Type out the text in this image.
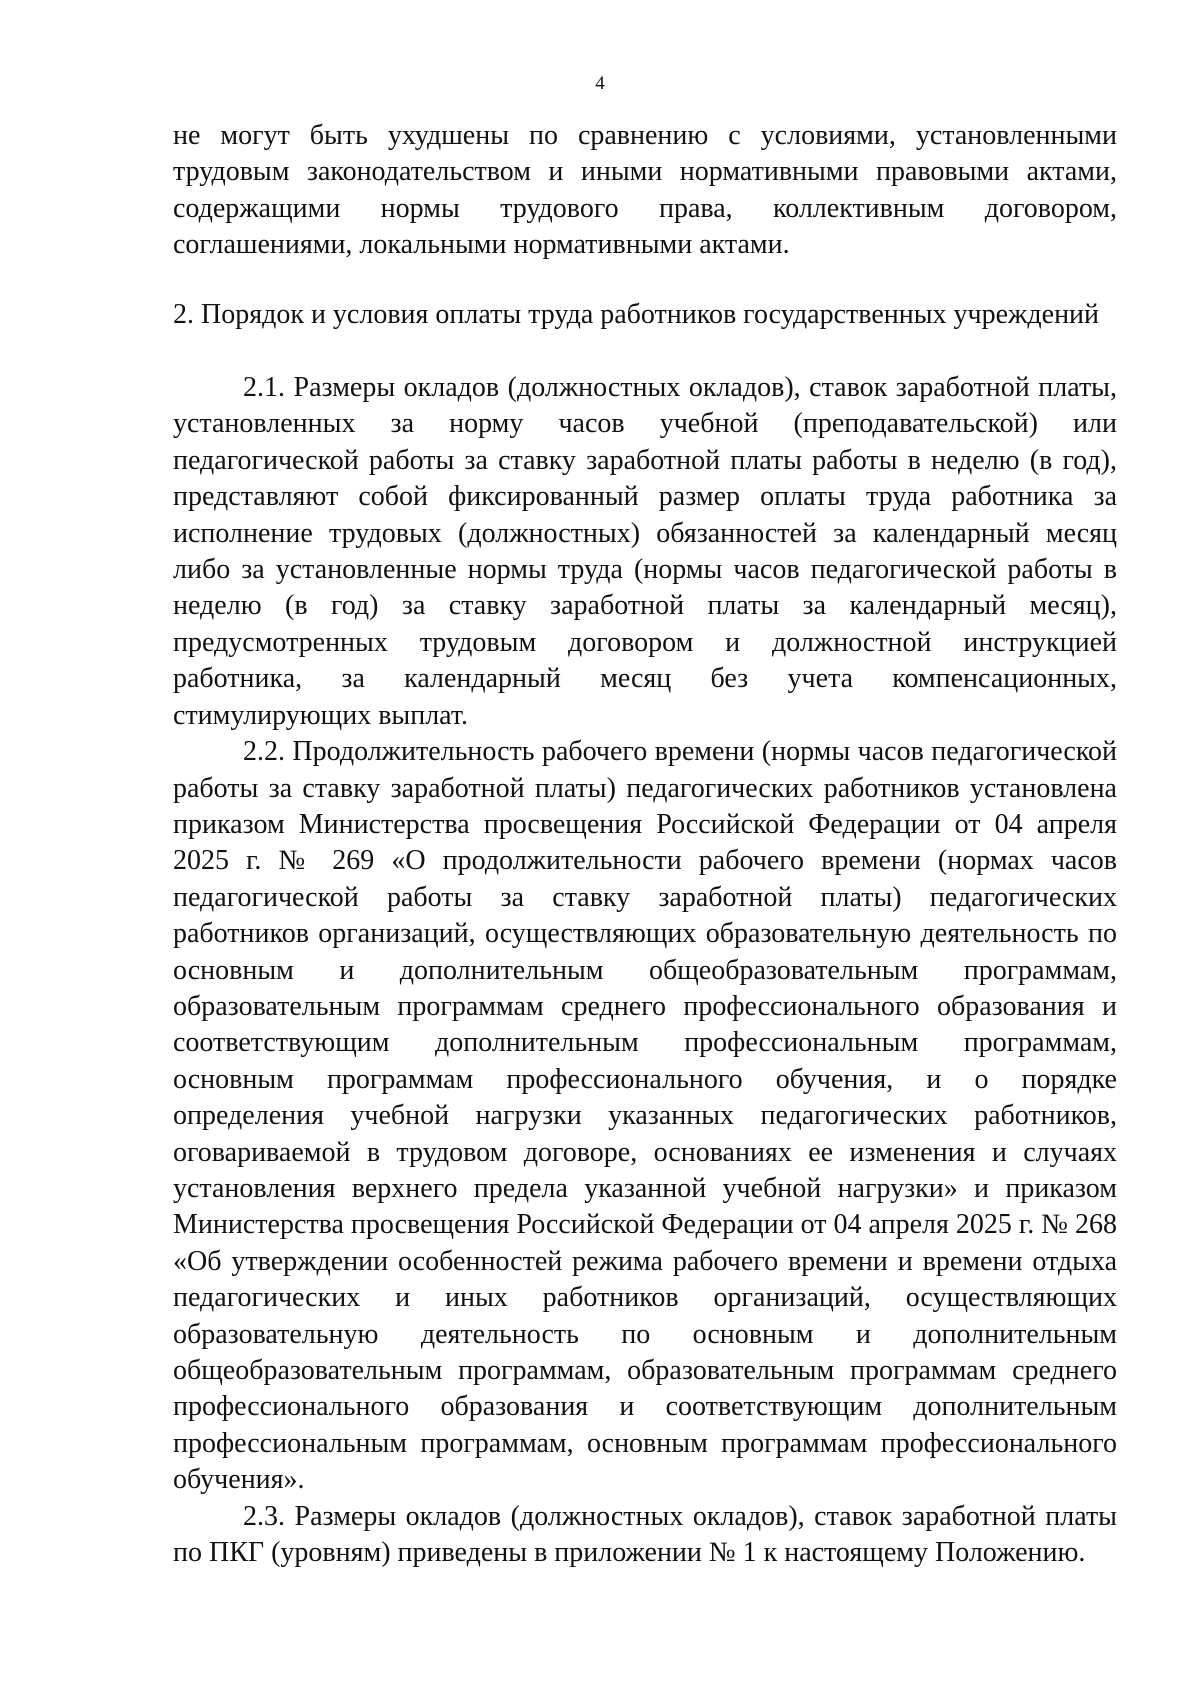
4

не могут быть ухудшены по сравнению с условиями, установленными трудовым законодательством и иными нормативными правовыми актами, содержащими нормы трудового права, коллективным договором, соглашениями, локальными нормативными актами.

2. Порядок и условия оплаты труда работников государственных учреждений

2.1. Размеры окладов (должностных окладов), ставок заработной платы, установленных за норму часов учебной (преподавательской) или педагогической работы за ставку заработной платы работы в неделю (в год), представляют собой фиксированный размер оплаты труда работника за исполнение трудовых (должностных) обязанностей за календарный месяц либо за установленные нормы труда (нормы часов педагогической работы в неделю (в год) за ставку заработной платы за календарный месяц), предусмотренных трудовым договором и должностной инструкцией работника, за календарный месяц без учета компенсационных, стимулирующих выплат.

2.2. Продолжительность рабочего времени (нормы часов педагогической работы за ставку заработной платы) педагогических работников установлена приказом Министерства просвещения Российской Федерации от 04 апреля 2025 г. № 269 «О продолжительности рабочего времени (нормах часов педагогической работы за ставку заработной платы) педагогических работников организаций, осуществляющих образовательную деятельность по основным и дополнительным общеобразовательным программам, образовательным программам среднего профессионального образования и соответствующим дополнительным профессиональным программам, основным программам профессионального обучения, и о порядке определения учебной нагрузки указанных педагогических работников, оговариваемой в трудовом договоре, основаниях ее изменения и случаях установления верхнего предела указанной учебной нагрузки» и приказом Министерства просвещения Российской Федерации от 04 апреля 2025 г. № 268 «Об утверждении особенностей режима рабочего времени и времени отдыха педагогических и иных работников организаций, осуществляющих образовательную деятельность по основным и дополнительным общеобразовательным программам, образовательным программам среднего профессионального образования и соответствующим дополнительным профессиональным программам, основным программам профессионального обучения».

2.3. Размеры окладов (должностных окладов), ставок заработной платы по ПКГ (уровням) приведены в приложении № 1 к настоящему Положению.
